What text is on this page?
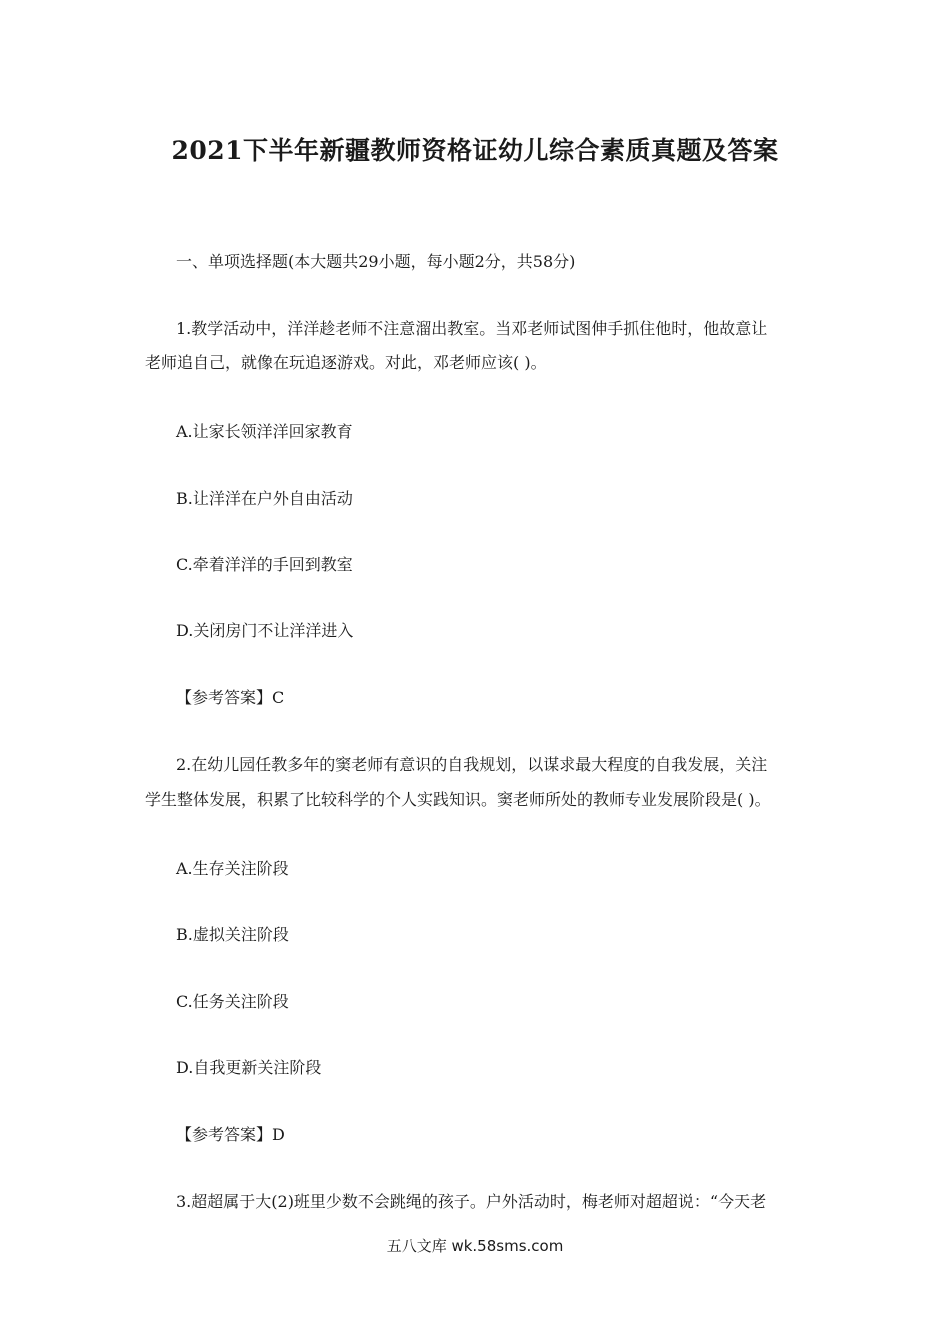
2021下半年新疆教师资格证幼儿综合素质真题及答案
一、单项选择题(本大题共29小题，每小题2分，共58分)
1.教学活动中，洋洋趁老师不注意溜出教室。当邓老师试图伸手抓住他时，他故意让
老师追自己，就像在玩追逐游戏。对此，邓老师应该( )。
A.让家长领洋洋回家教育
B.让洋洋在户外自由活动
C.牵着洋洋的手回到教室
D.关闭房门不让洋洋进入
【参考答案】C
2.在幼儿园任教多年的窦老师有意识的自我规划，以谋求最大程度的自我发展，关注
学生整体发展，积累了比较科学的个人实践知识。窦老师所处的教师专业发展阶段是( )。
A.生存关注阶段
B.虚拟关注阶段
C.任务关注阶段
D.自我更新关注阶段
【参考答案】D
3.超超属于大(2)班里少数不会跳绳的孩子。户外活动时，梅老师对超超说：“今天老
五八文库 wk.58sms.com
